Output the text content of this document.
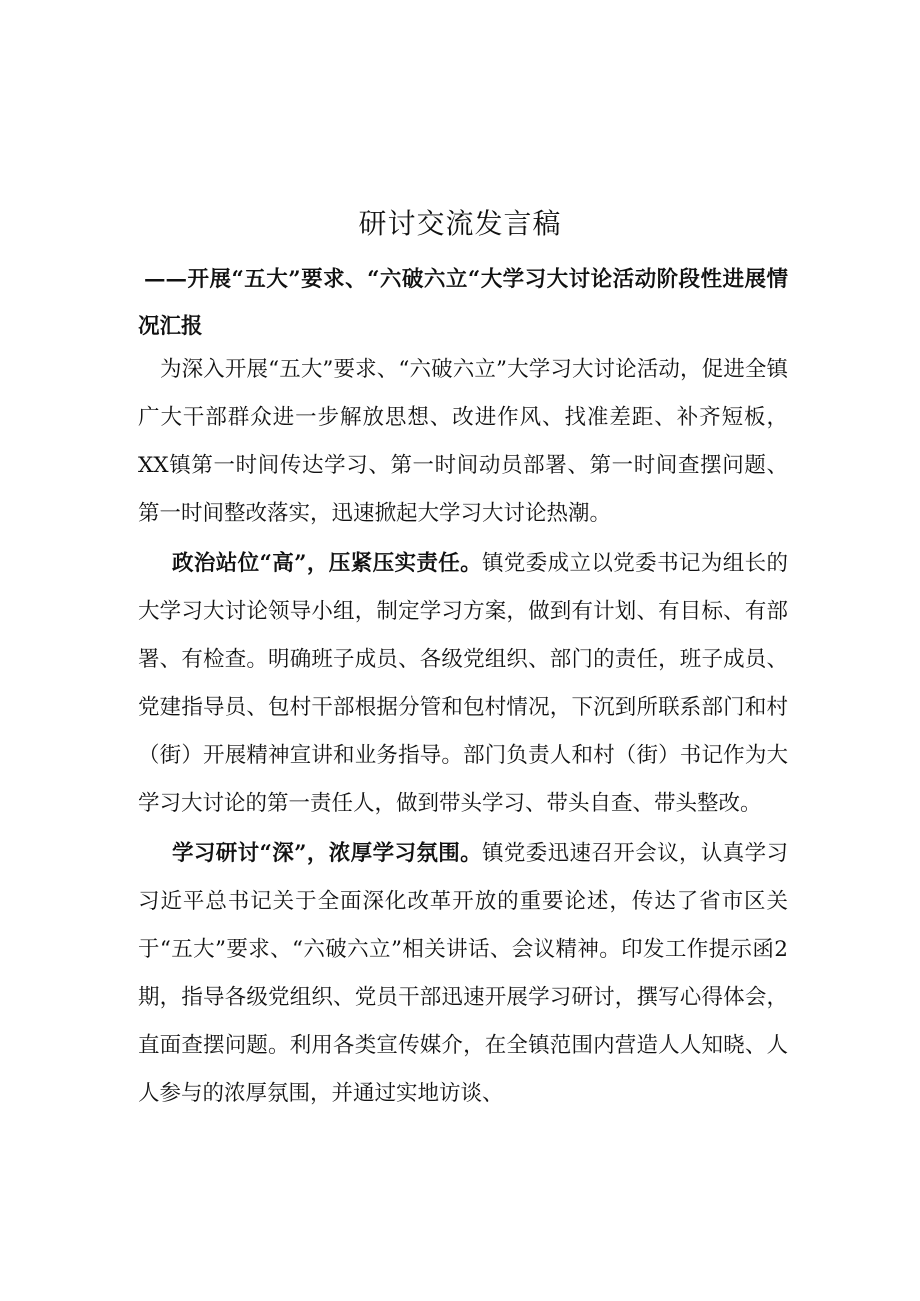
研讨交流发言稿
——开展“五大”要求、“六破六立“大学习大讨论活动阶段性进展情况汇报

为深入开展“五大”要求、“六破六立”大学习大讨论活动，促进全镇广大干部群众进一步解放思想、改进作风、找准差距、补齐短板，XX镇第一时间传达学习、第一时间动员部署、第一时间查摆问题、第一时间整改落实，迅速掀起大学习大讨论热潮。

政治站位“高”，压紧压实责任。镇党委成立以党委书记为组长的大学习大讨论领导小组，制定学习方案，做到有计划、有目标、有部署、有检查。明确班子成员、各级党组织、部门的责任，班子成员、党建指导员、包村干部根据分管和包村情况，下沉到所联系部门和村（街）开展精神宣讲和业务指导。部门负责人和村（街）书记作为大学习大讨论的第一责任人，做到带头学习、带头自查、带头整改。

学习研讨“深”，浓厚学习氛围。镇党委迅速召开会议，认真学习习近平总书记关于全面深化改革开放的重要论述，传达了省市区关于“五大”要求、“六破六立”相关讲话、会议精神。印发工作提示函2期，指导各级党组织、党员干部迅速开展学习研讨，撰写心得体会，直面查摆问题。利用各类宣传媒介，在全镇范围内营造人人知晓、人人参与的浓厚氛围，并通过实地访谈、
